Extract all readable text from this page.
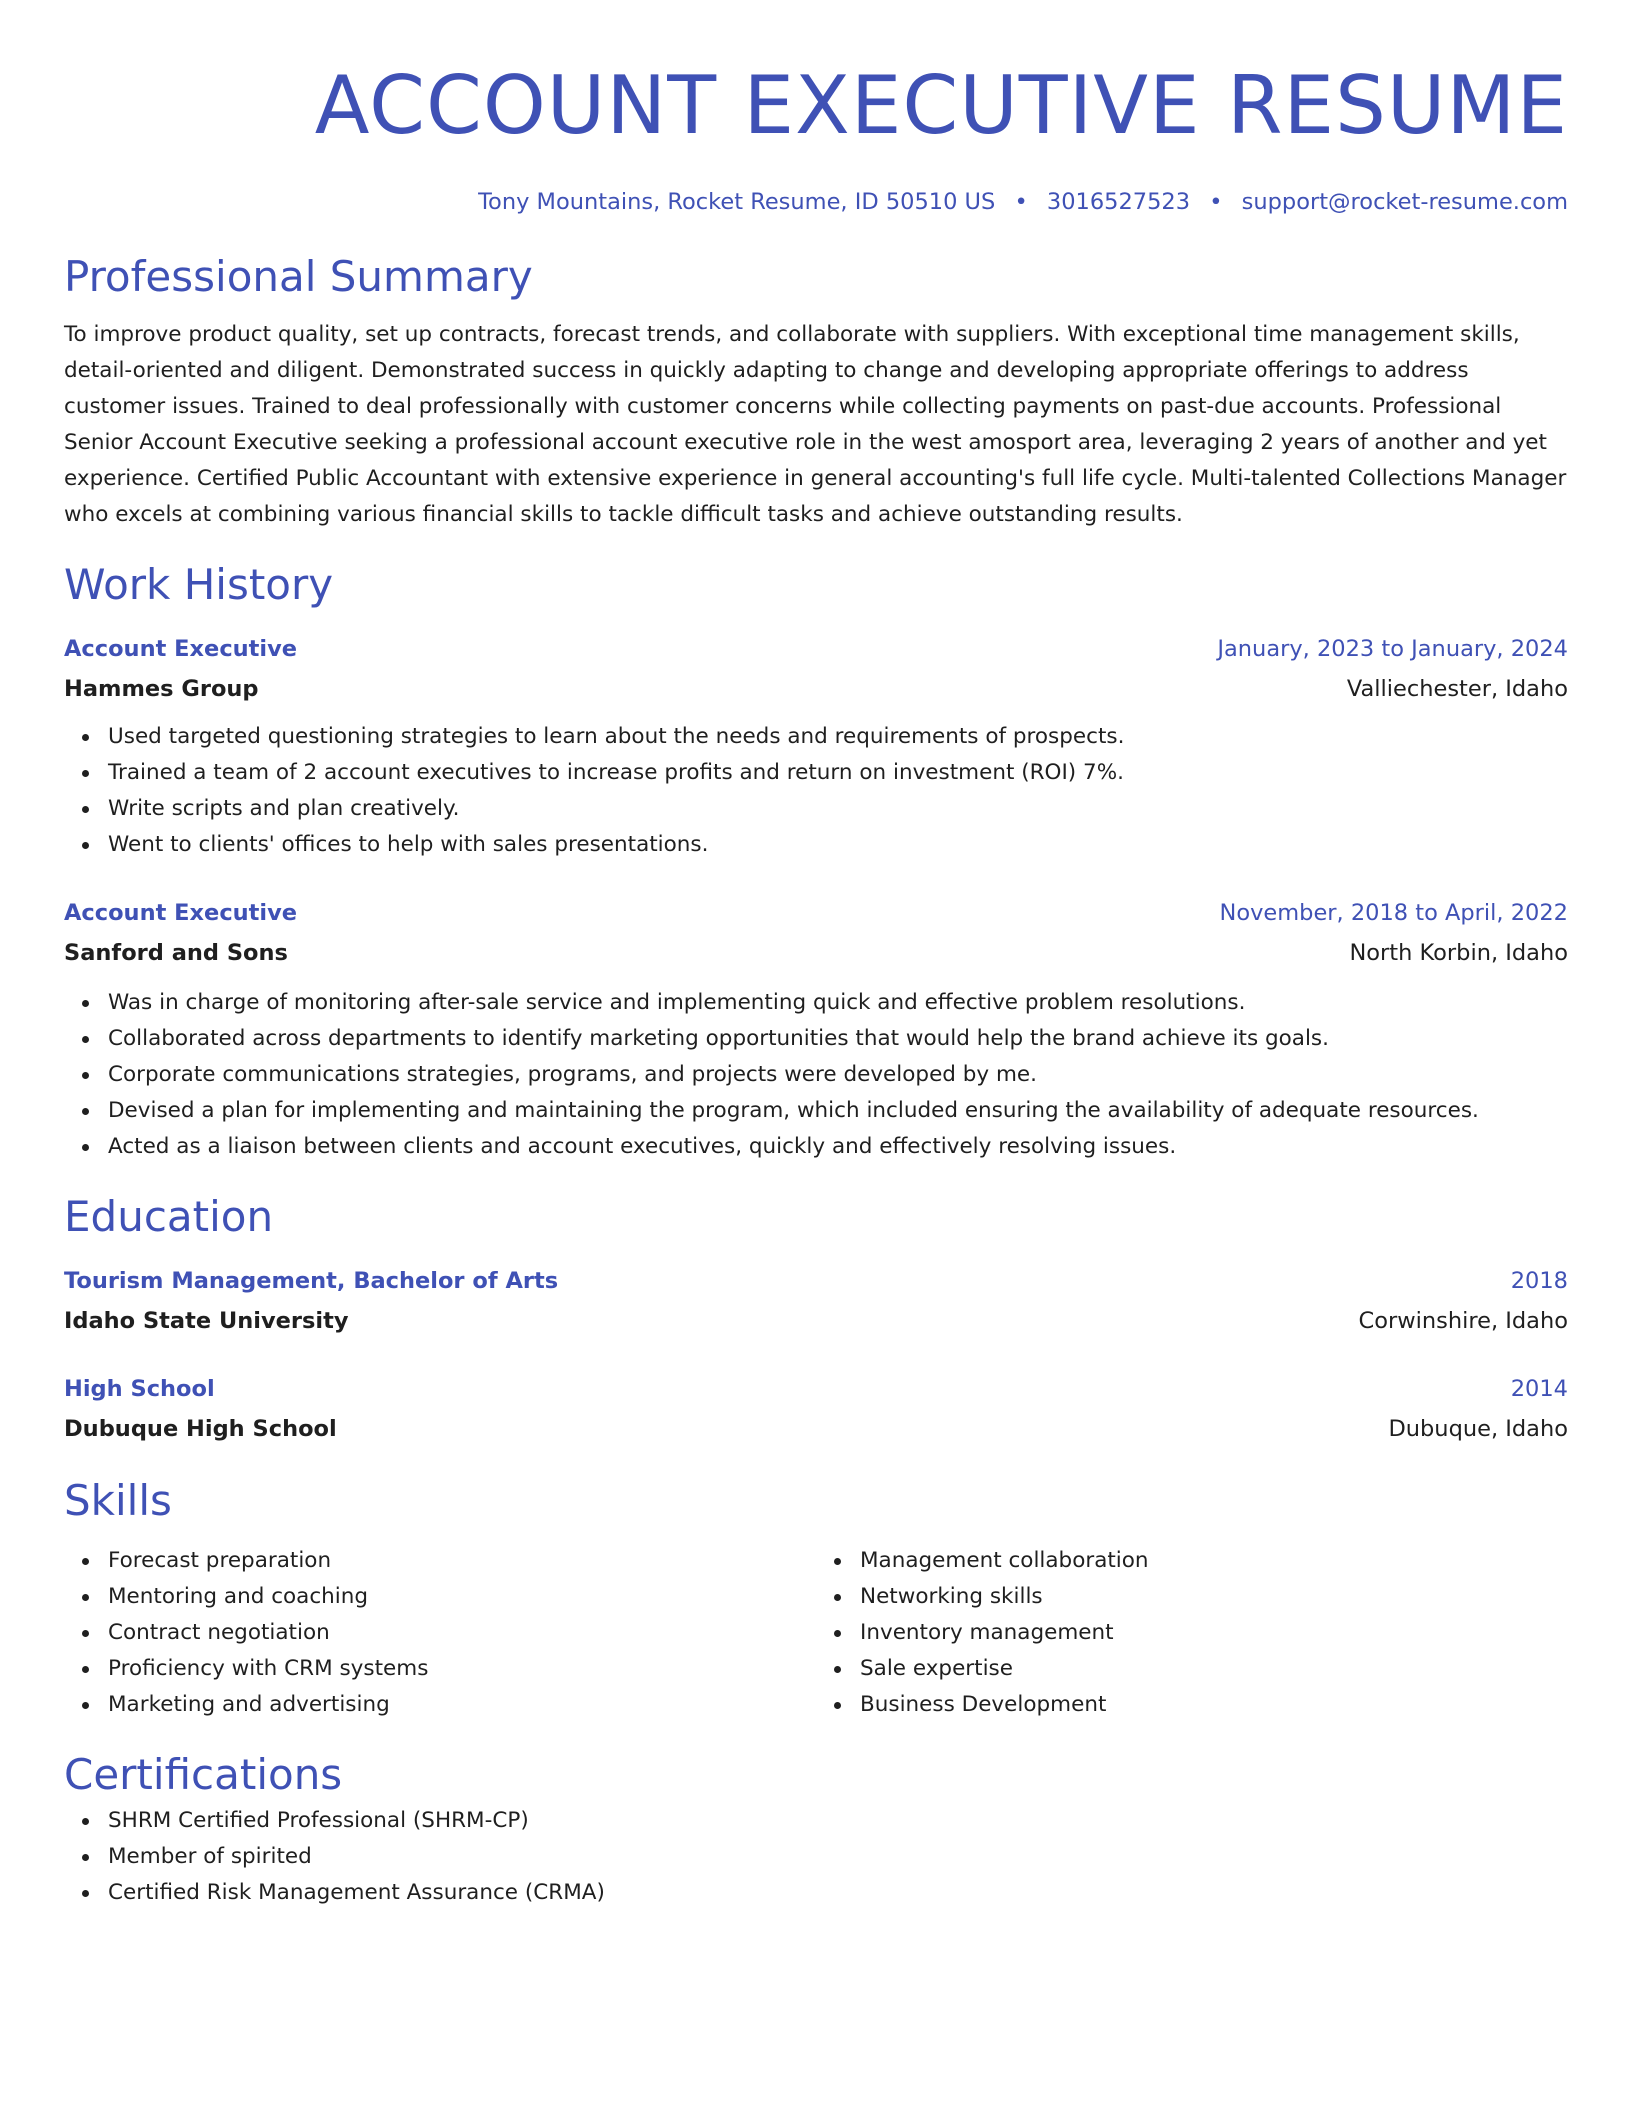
ACCOUNT EXECUTIVE RESUME
Tony Mountains, Rocket Resume, ID 50510 US • 3016527523 • support@rocket-resume.com
Professional Summary

To improve product quality, set up contracts, forecast trends, and collaborate with suppliers. With exceptional time management skills, detail-oriented and diligent. Demonstrated success in quickly adapting to change and developing appropriate offerings to address customer issues. Trained to deal professionally with customer concerns while collecting payments on past-due accounts. Professional Senior Account Executive seeking a professional account executive role in the west amosport area, leveraging 2 years of another and yet experience. Certified Public Accountant with extensive experience in general accounting's full life cycle. Multi-talented Collections Manager who excels at combining various financial skills to tackle difficult tasks and achieve outstanding results.

Work History
Account Executive	January, 2023 to January, 2024
Hammes Group	Valliechester, Idaho
Used targeted questioning strategies to learn about the needs and requirements of prospects.
Trained a team of 2 account executives to increase profits and return on investment (ROI) 7%.
Write scripts and plan creatively.
Went to clients' offices to help with sales presentations.
Account Executive	November, 2018 to April, 2022
Sanford and Sons	North Korbin, Idaho
Was in charge of monitoring after-sale service and implementing quick and effective problem resolutions.
Collaborated across departments to identify marketing opportunities that would help the brand achieve its goals.
Corporate communications strategies, programs, and projects were developed by me.
Devised a plan for implementing and maintaining the program, which included ensuring the availability of adequate resources.
Acted as a liaison between clients and account executives, quickly and effectively resolving issues.
Education
Tourism Management, Bachelor of Arts	2018
Idaho State University	Corwinshire, Idaho
High School	2014
Dubuque High School	Dubuque, Idaho
Skills
Forecast preparation
Mentoring and coaching
Contract negotiation
Proficiency with CRM systems
Marketing and advertising
Management collaboration
Networking skills
Inventory management
Sale expertise
Business Development
Certifications
SHRM Certified Professional (SHRM-CP)
Member of spirited
Certified Risk Management Assurance (CRMA)
